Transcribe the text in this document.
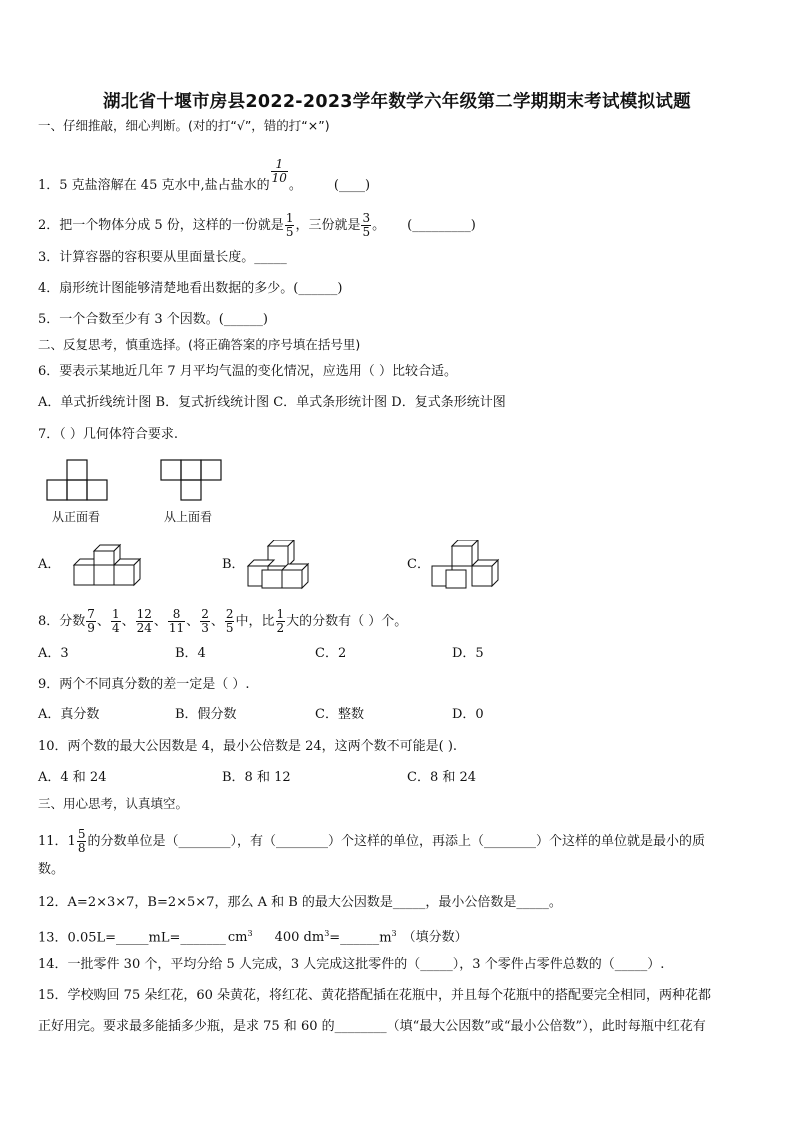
湖北省十堰市房县2022-2023学年数学六年级第二学期期末考试模拟试题
一、仔细推敲，细心判断。(对的打“√”，错的打“×”)
1．5 克盐溶解在 45 克水中,盐占盐水的
$\frac{1}{10}$
。 (____)
2．把一个物体分成 5 份，这样的一份就是 $\frac{1}{5}$ ，三份就是 $\frac{3}{5}$ 。 (_________)
3．计算容器的容积要从里面量长度。_____
4．扇形统计图能够清楚地看出数据的多少。(______)
5．一个合数至少有 3 个因数。(______)
二、反复思考，慎重选择。(将正确答案的序号填在括号里)
6．要表示某地近几年 7 月平均气温的变化情况，应选用（ ）比较合适。
A．单式折线统计图 B．复式折线统计图 C．单式条形统计图 D．复式条形统计图
7．（ ）几何体符合要求.
从正面看	从上面看
A．	B．	C．
8．分数 $\frac{7}{9}$ 、 $\frac{1}{4}$ 、 $\frac{12}{24}$ 、 $\frac{8}{11}$ 、 $\frac{2}{3}$ 、 $\frac{2}{5}$ 中，比 $\frac{1}{2}$ 大的分数有（ ）个。
A．3	B．4	C．2	D．5
9．两个不同真分数的差一定是（ ）.
A．真分数	B．假分数	C．整数	D．0
10．两个数的最大公因数是 4，最小公倍数是 24，这两个数不可能是( ).
A．4 和 24	B．8 和 12	C．8 和 24
三、用心思考，认真填空。
11．$1 \frac{5}{8}$ 的分数单位是（________），有（________）个这样的单位，再添上（________）个这样的单位就是最小的质
数。
12．A=2×3×7，B=2×5×7，那么 A 和 B 的最大公因数是_____，最小公倍数是_____。
13．0.05L=_____mL=_______ $cm^3$ 400 $dm^3=\_\_\_\_\_\_m^3$ （填分数）
14．一批零件 30 个，平均分给 5 人完成，3 人完成这批零件的（_____），3 个零件占零件总数的（_____）.
15．学校购回 75 朵红花，60 朵黄花，将红花、黄花搭配插在花瓶中，并且每个花瓶中的搭配要完全相同，两种花都
正好用完。要求最多能插多少瓶，是求 75 和 60 的________（填“最大公因数”或“最小公倍数”），此时每瓶中红花有
